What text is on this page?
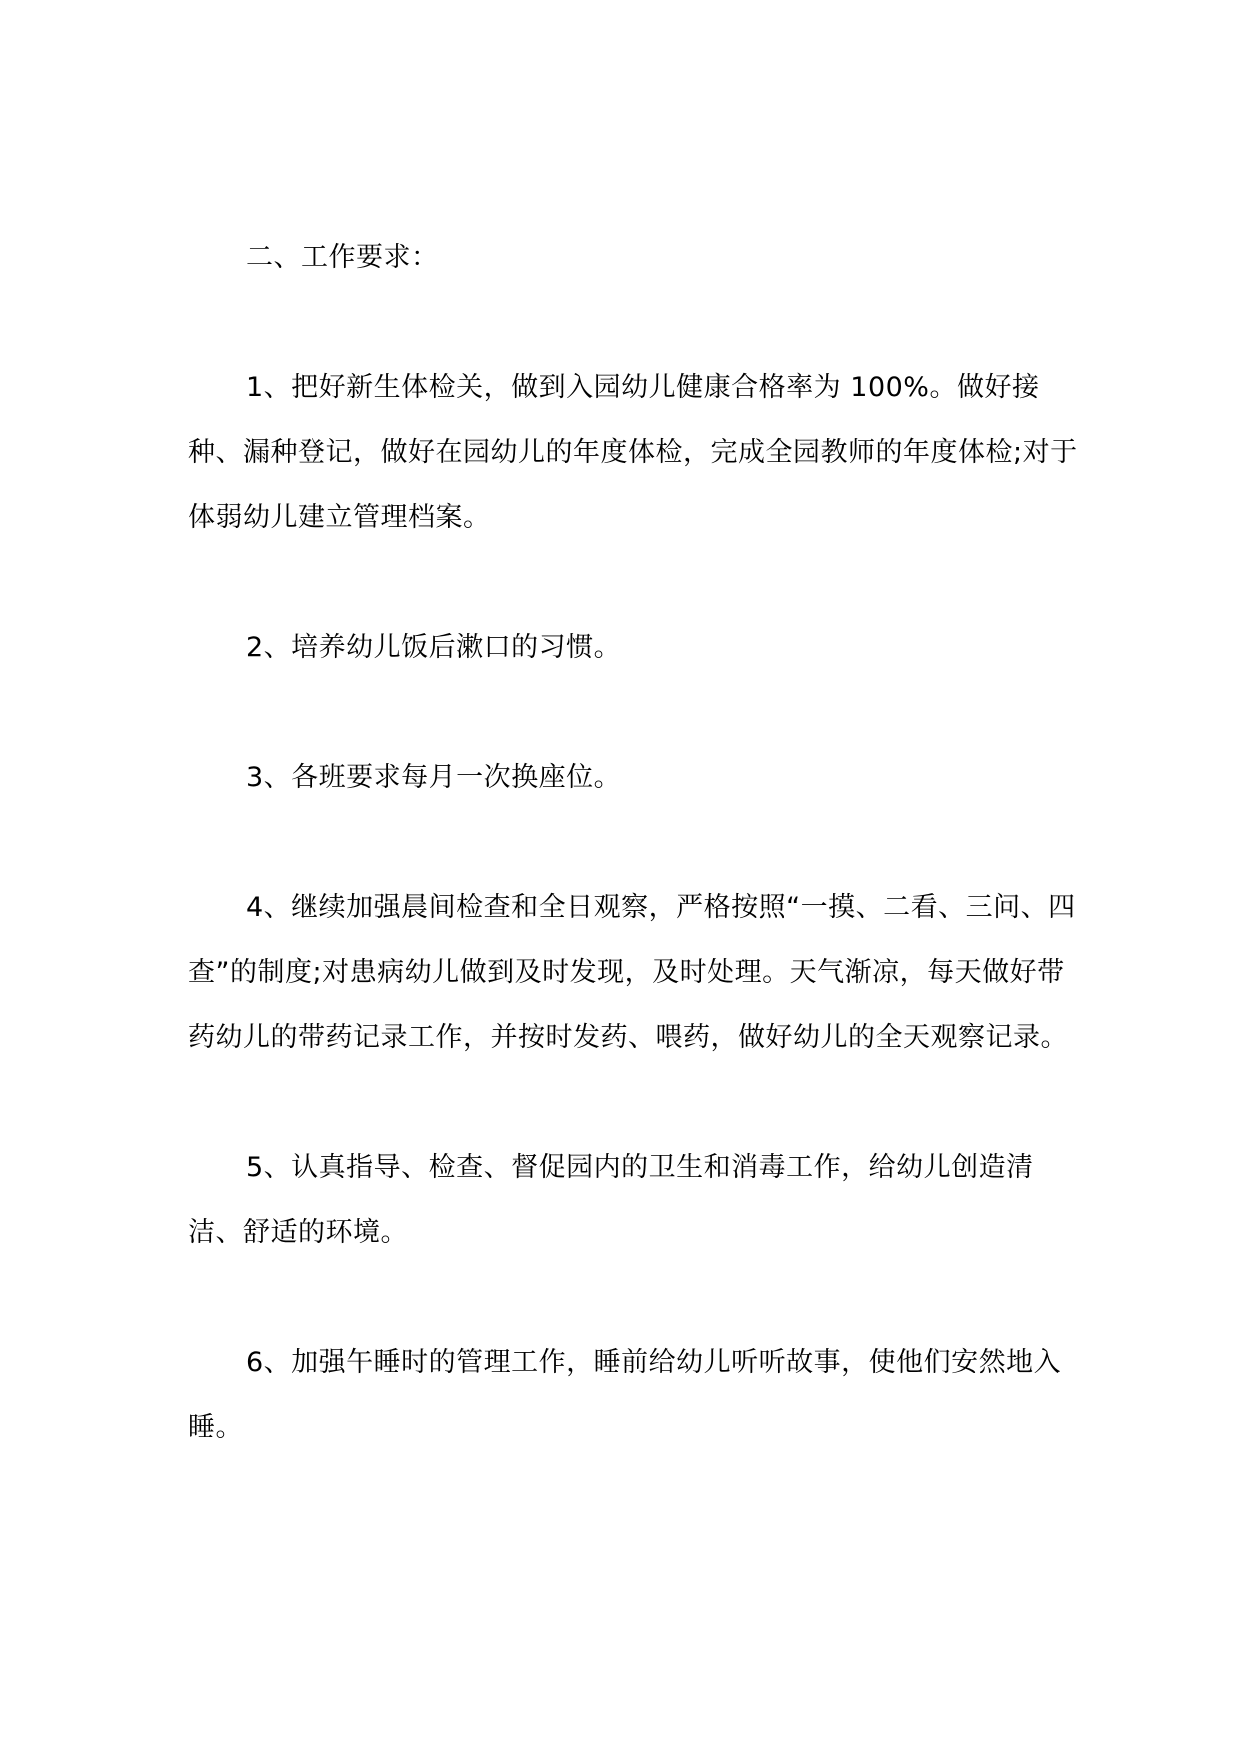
二、工作要求：

1、把好新生体检关，做到入园幼儿健康合格率为 100%。做好接种、漏种登记，做好在园幼儿的年度体检，完成全园教师的年度体检;对于体弱幼儿建立管理档案。

2、培养幼儿饭后漱口的习惯。

3、各班要求每月一次换座位。

4、继续加强晨间检查和全日观察，严格按照“一摸、二看、三问、四查”的制度;对患病幼儿做到及时发现，及时处理。天气渐凉，每天做好带药幼儿的带药记录工作，并按时发药、喂药，做好幼儿的全天观察记录。

5、认真指导、检查、督促园内的卫生和消毒工作，给幼儿创造清洁、舒适的环境。

6、加强午睡时的管理工作，睡前给幼儿听听故事，使他们安然地入睡。
